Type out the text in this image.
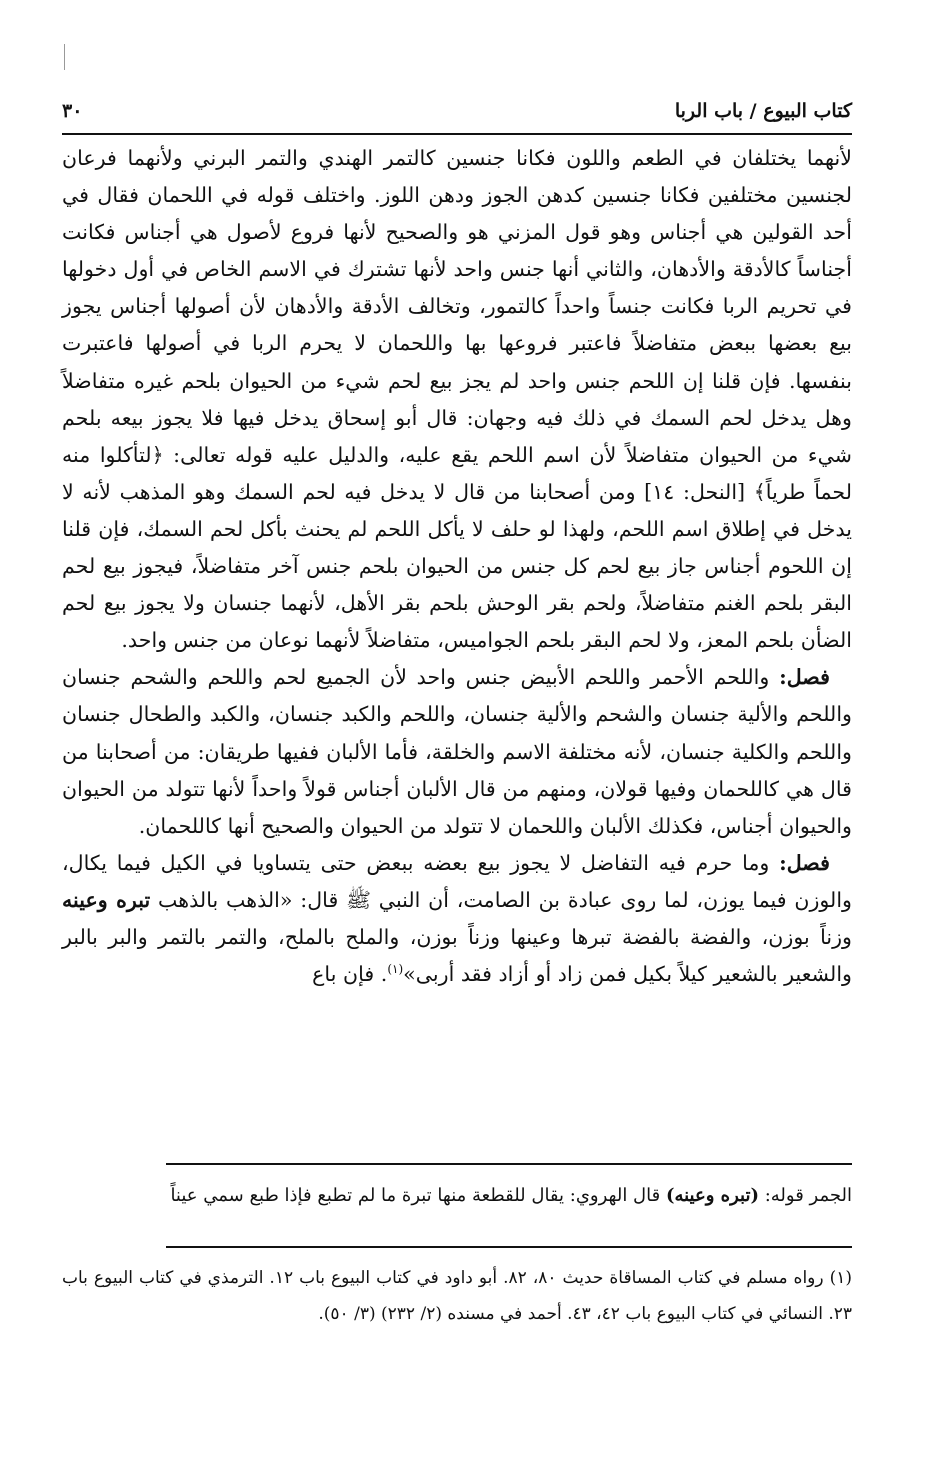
كتاب البيوع / باب الربا
٣٠

لأنهما يختلفان في الطعم واللون فكانا جنسين كالتمر الهندي والتمر البرني ولأنهما فرعان لجنسين مختلفين فكانا جنسين كدهن الجوز ودهن اللوز. واختلف قوله في اللحمان فقال في أحد القولين هي أجناس وهو قول المزني هو والصحيح لأنها فروع لأصول هي أجناس فكانت أجناساً كالأدقة والأدهان، والثاني أنها جنس واحد لأنها تشترك في الاسم الخاص في أول دخولها في تحريم الربا فكانت جنساً واحداً كالتمور، وتخالف الأدقة والأدهان لأن أصولها أجناس يجوز بيع بعضها ببعض متفاضلاً فاعتبر فروعها بها واللحمان لا يحرم الربا في أصولها فاعتبرت بنفسها. فإن قلنا إن اللحم جنس واحد لم يجز بيع لحم شيء من الحيوان بلحم غيره متفاضلاً وهل يدخل لحم السمك في ذلك فيه وجهان: قال أبو إسحاق يدخل فيها فلا يجوز بيعه بلحم شيء من الحيوان متفاضلاً لأن اسم اللحم يقع عليه، والدليل عليه قوله تعالى: ﴿لتأكلوا منه لحماً طرياً﴾ [النحل: ١٤] ومن أصحابنا من قال لا يدخل فيه لحم السمك وهو المذهب لأنه لا يدخل في إطلاق اسم اللحم، ولهذا لو حلف لا يأكل اللحم لم يحنث بأكل لحم السمك، فإن قلنا إن اللحوم أجناس جاز بيع لحم كل جنس من الحيوان بلحم جنس آخر متفاضلاً، فيجوز بيع لحم البقر بلحم الغنم متفاضلاً، ولحم بقر الوحش بلحم بقر الأهل، لأنهما جنسان ولا يجوز بيع لحم الضأن بلحم المعز، ولا لحم البقر بلحم الجواميس، متفاضلاً لأنهما نوعان من جنس واحد.

فصل: واللحم الأحمر واللحم الأبيض جنس واحد لأن الجميع لحم واللحم والشحم جنسان واللحم والألية جنسان والشحم والألية جنسان، واللحم والكبد جنسان، والكبد والطحال جنسان واللحم والكلية جنسان، لأنه مختلفة الاسم والخلقة، فأما الألبان ففيها طريقان: من أصحابنا من قال هي كاللحمان وفيها قولان، ومنهم من قال الألبان أجناس قولاً واحداً لأنها تتولد من الحيوان والحيوان أجناس، فكذلك الألبان واللحمان لا تتولد من الحيوان والصحيح أنها كاللحمان.

فصل: وما حرم فيه التفاضل لا يجوز بيع بعضه ببعض حتى يتساويا في الكيل فيما يكال، والوزن فيما يوزن، لما روى عبادة بن الصامت، أن النبي ﷺ قال: «الذهب بالذهب تبره وعينه وزناً بوزن، والفضة بالفضة تبرها وعينها وزناً بوزن، والملح بالملح، والتمر بالتمر والبر بالبر والشعير بالشعير كيلاً بكيل فمن زاد أو أزاد فقد أربى»$^{(١)}$. فإن باع

الجمر قوله: (تبره وعينه) قال الهروي: يقال للقطعة منها تبرة ما لم تطبع فإذا طبع سمي عيناً
(١) رواه مسلم في كتاب المساقاة حديث ٨٠، ٨٢. أبو داود في كتاب البيوع باب ١٢. الترمذي في كتاب البيوع باب ٢٣. النسائي في كتاب البيوع باب ٤٢، ٤٣. أحمد في مسنده (٢/ ٢٣٢) (٣/ ٥٠).
